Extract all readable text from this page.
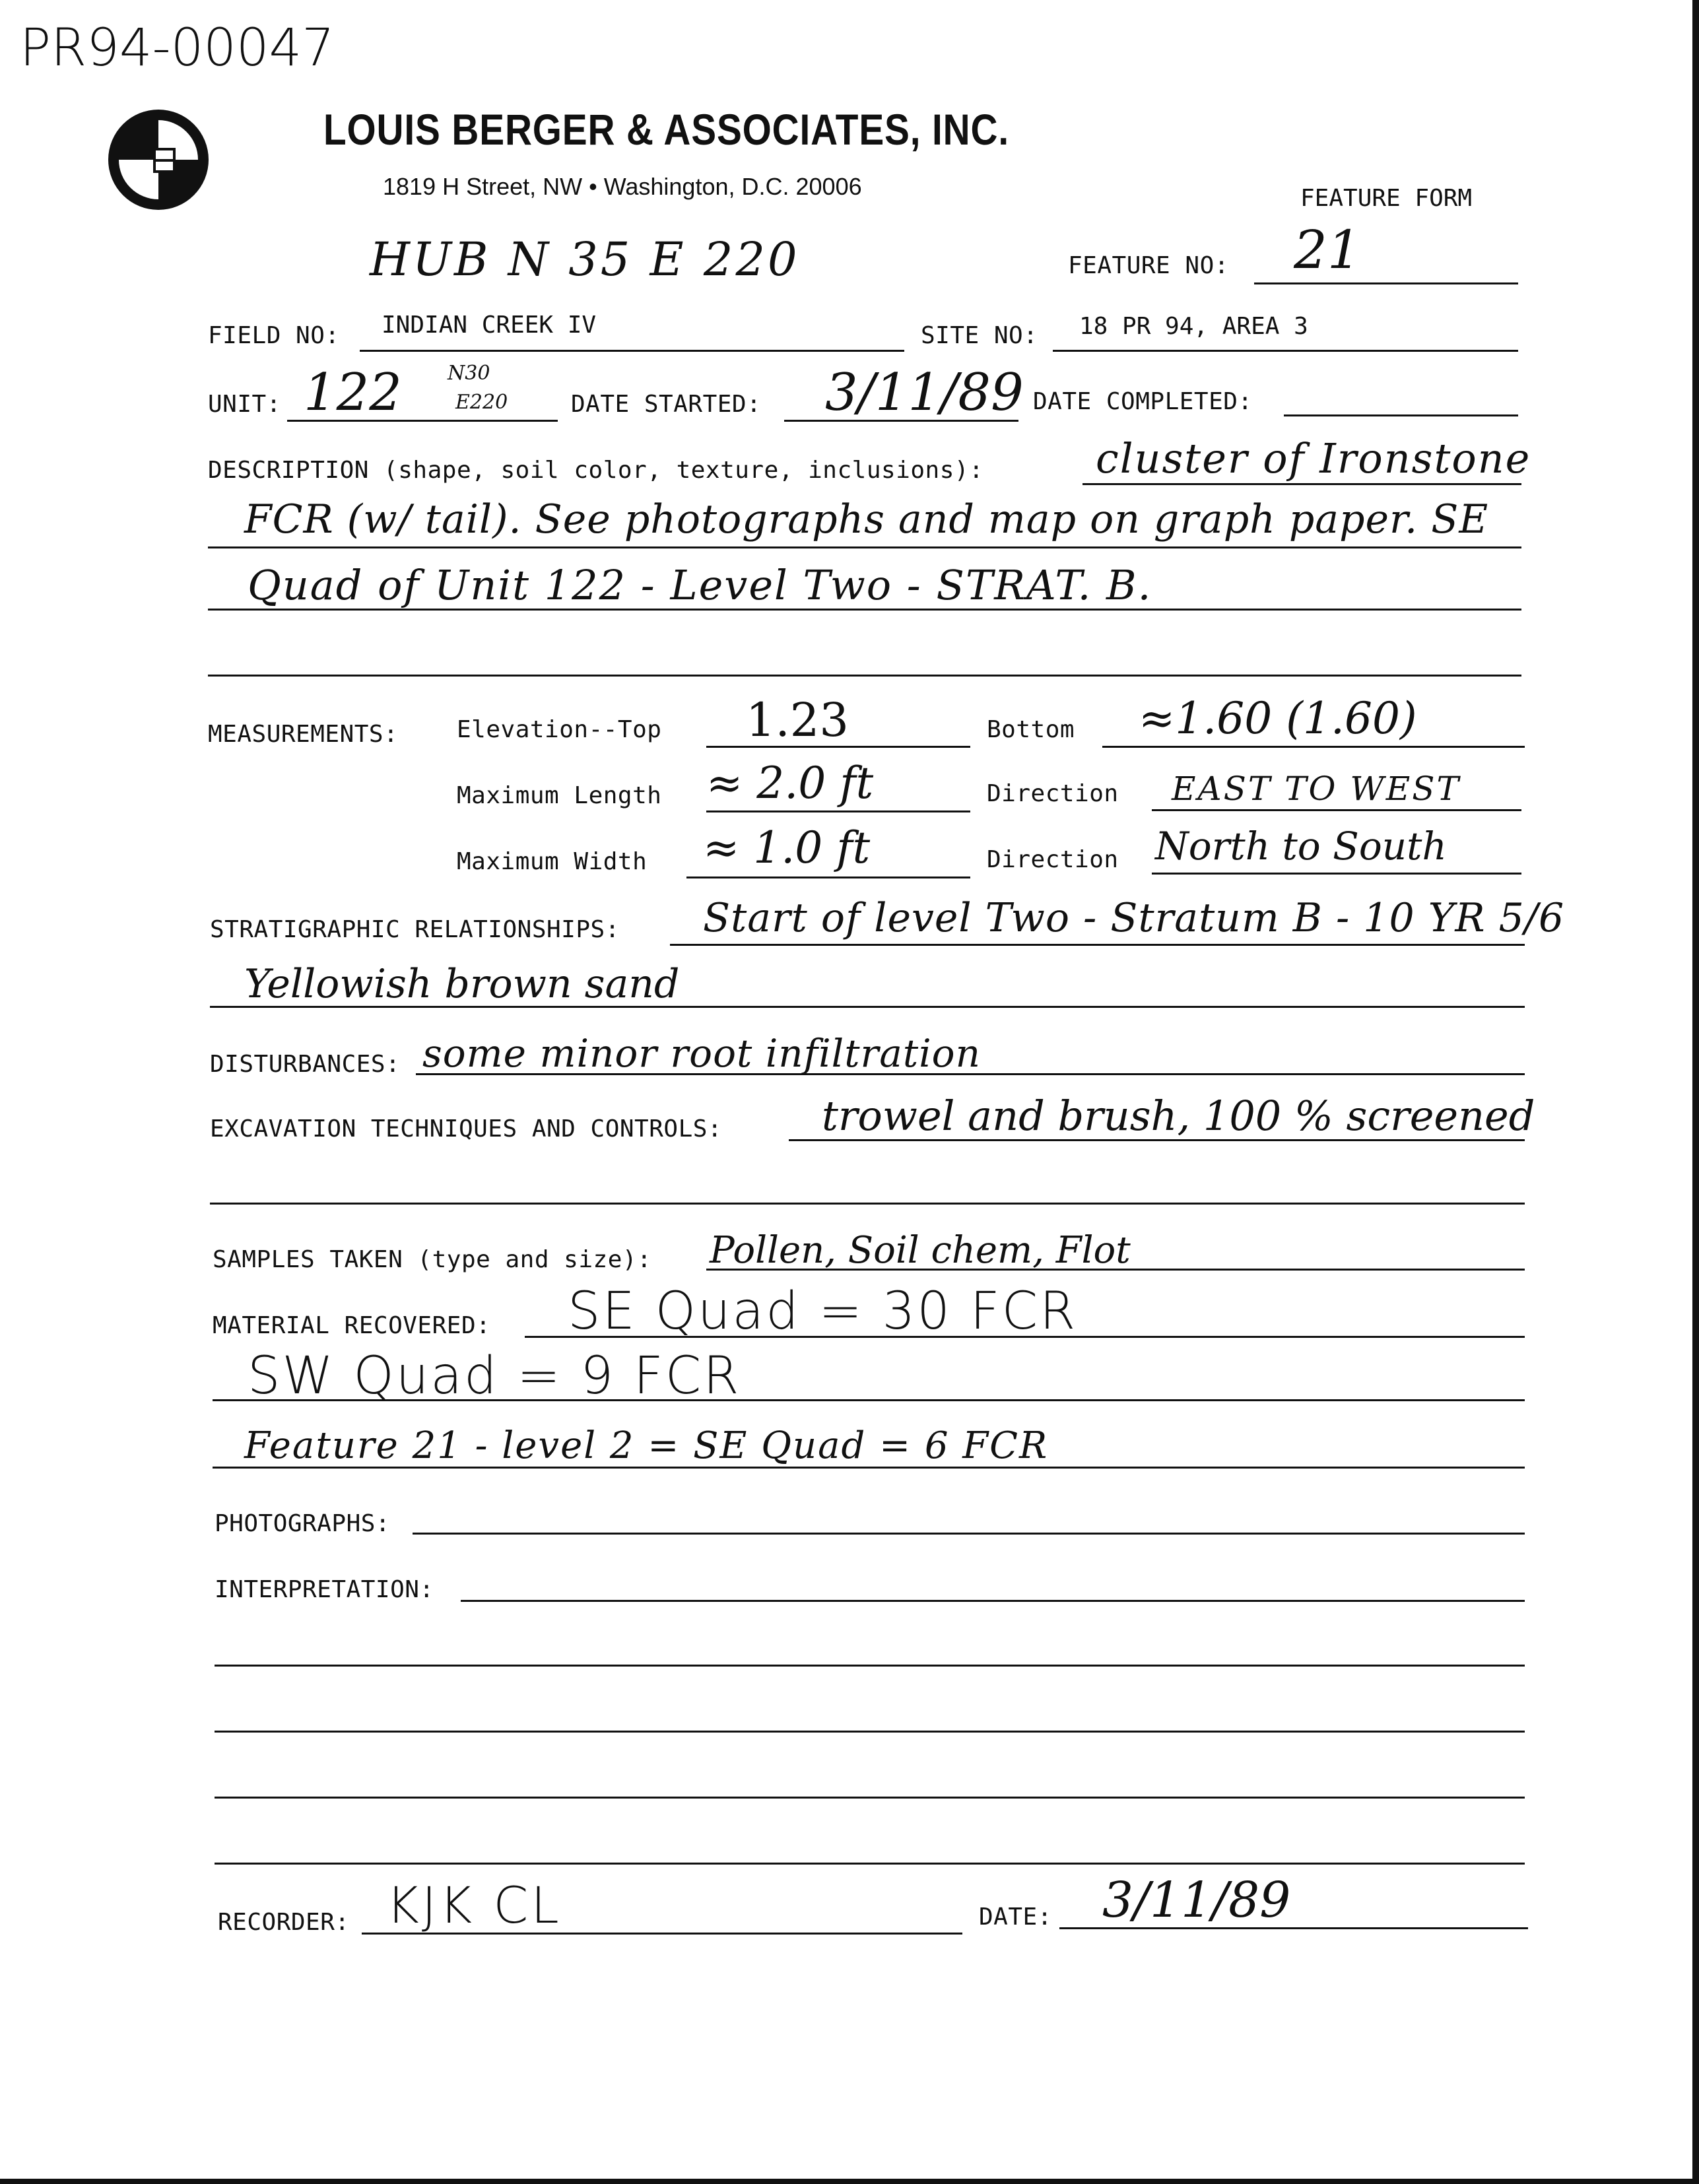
PR94-00047
LOUIS BERGER & ASSOCIATES, INC.
1819 H Street, NW • Washington, D.C. 20006	FEATURE FORM
HUB N 35 E 220	FEATURE NO: 21
FIELD NO: INDIAN CREEK IV	SITE NO: 18 PR 94, AREA 3
UNIT: 122 N30
E220	DATE STARTED: 3/11/89 DATE COMPLETED:
DESCRIPTION (shape, soil color, texture, inclusions):	cluster of Ironstone
FCR (w/ tail). See photographs and map on graph paper. SE
Quad of Unit 122 - Level Two - STRAT. B.
MEASUREMENTS: Elevation--Top 1.23	Bottom ≈1.60 (1.60)
Maximum Length ≈ 2.0 ft	Direction EAST TO WEST
Maximum Width ≈ 1.0 ft	Direction North to South
STRATIGRAPHIC RELATIONSHIPS: Start of level Two - Stratum B - 10 YR 5/6
Yellowish brown sand
DISTURBANCES: some minor root infiltration
EXCAVATION TECHNIQUES AND CONTROLS: trowel and brush, 100 % screened
SAMPLES TAKEN (type and size): Pollen, Soil chem, Flot
MATERIAL RECOVERED: SE Quad = 30 FCR
SW Quad = 9 FCR
Feature 21 - level 2 = SE Quad = 6 FCR
PHOTOGRAPHS:
INTERPRETATION:
RECORDER: KJK CL	DATE: 3/11/89
